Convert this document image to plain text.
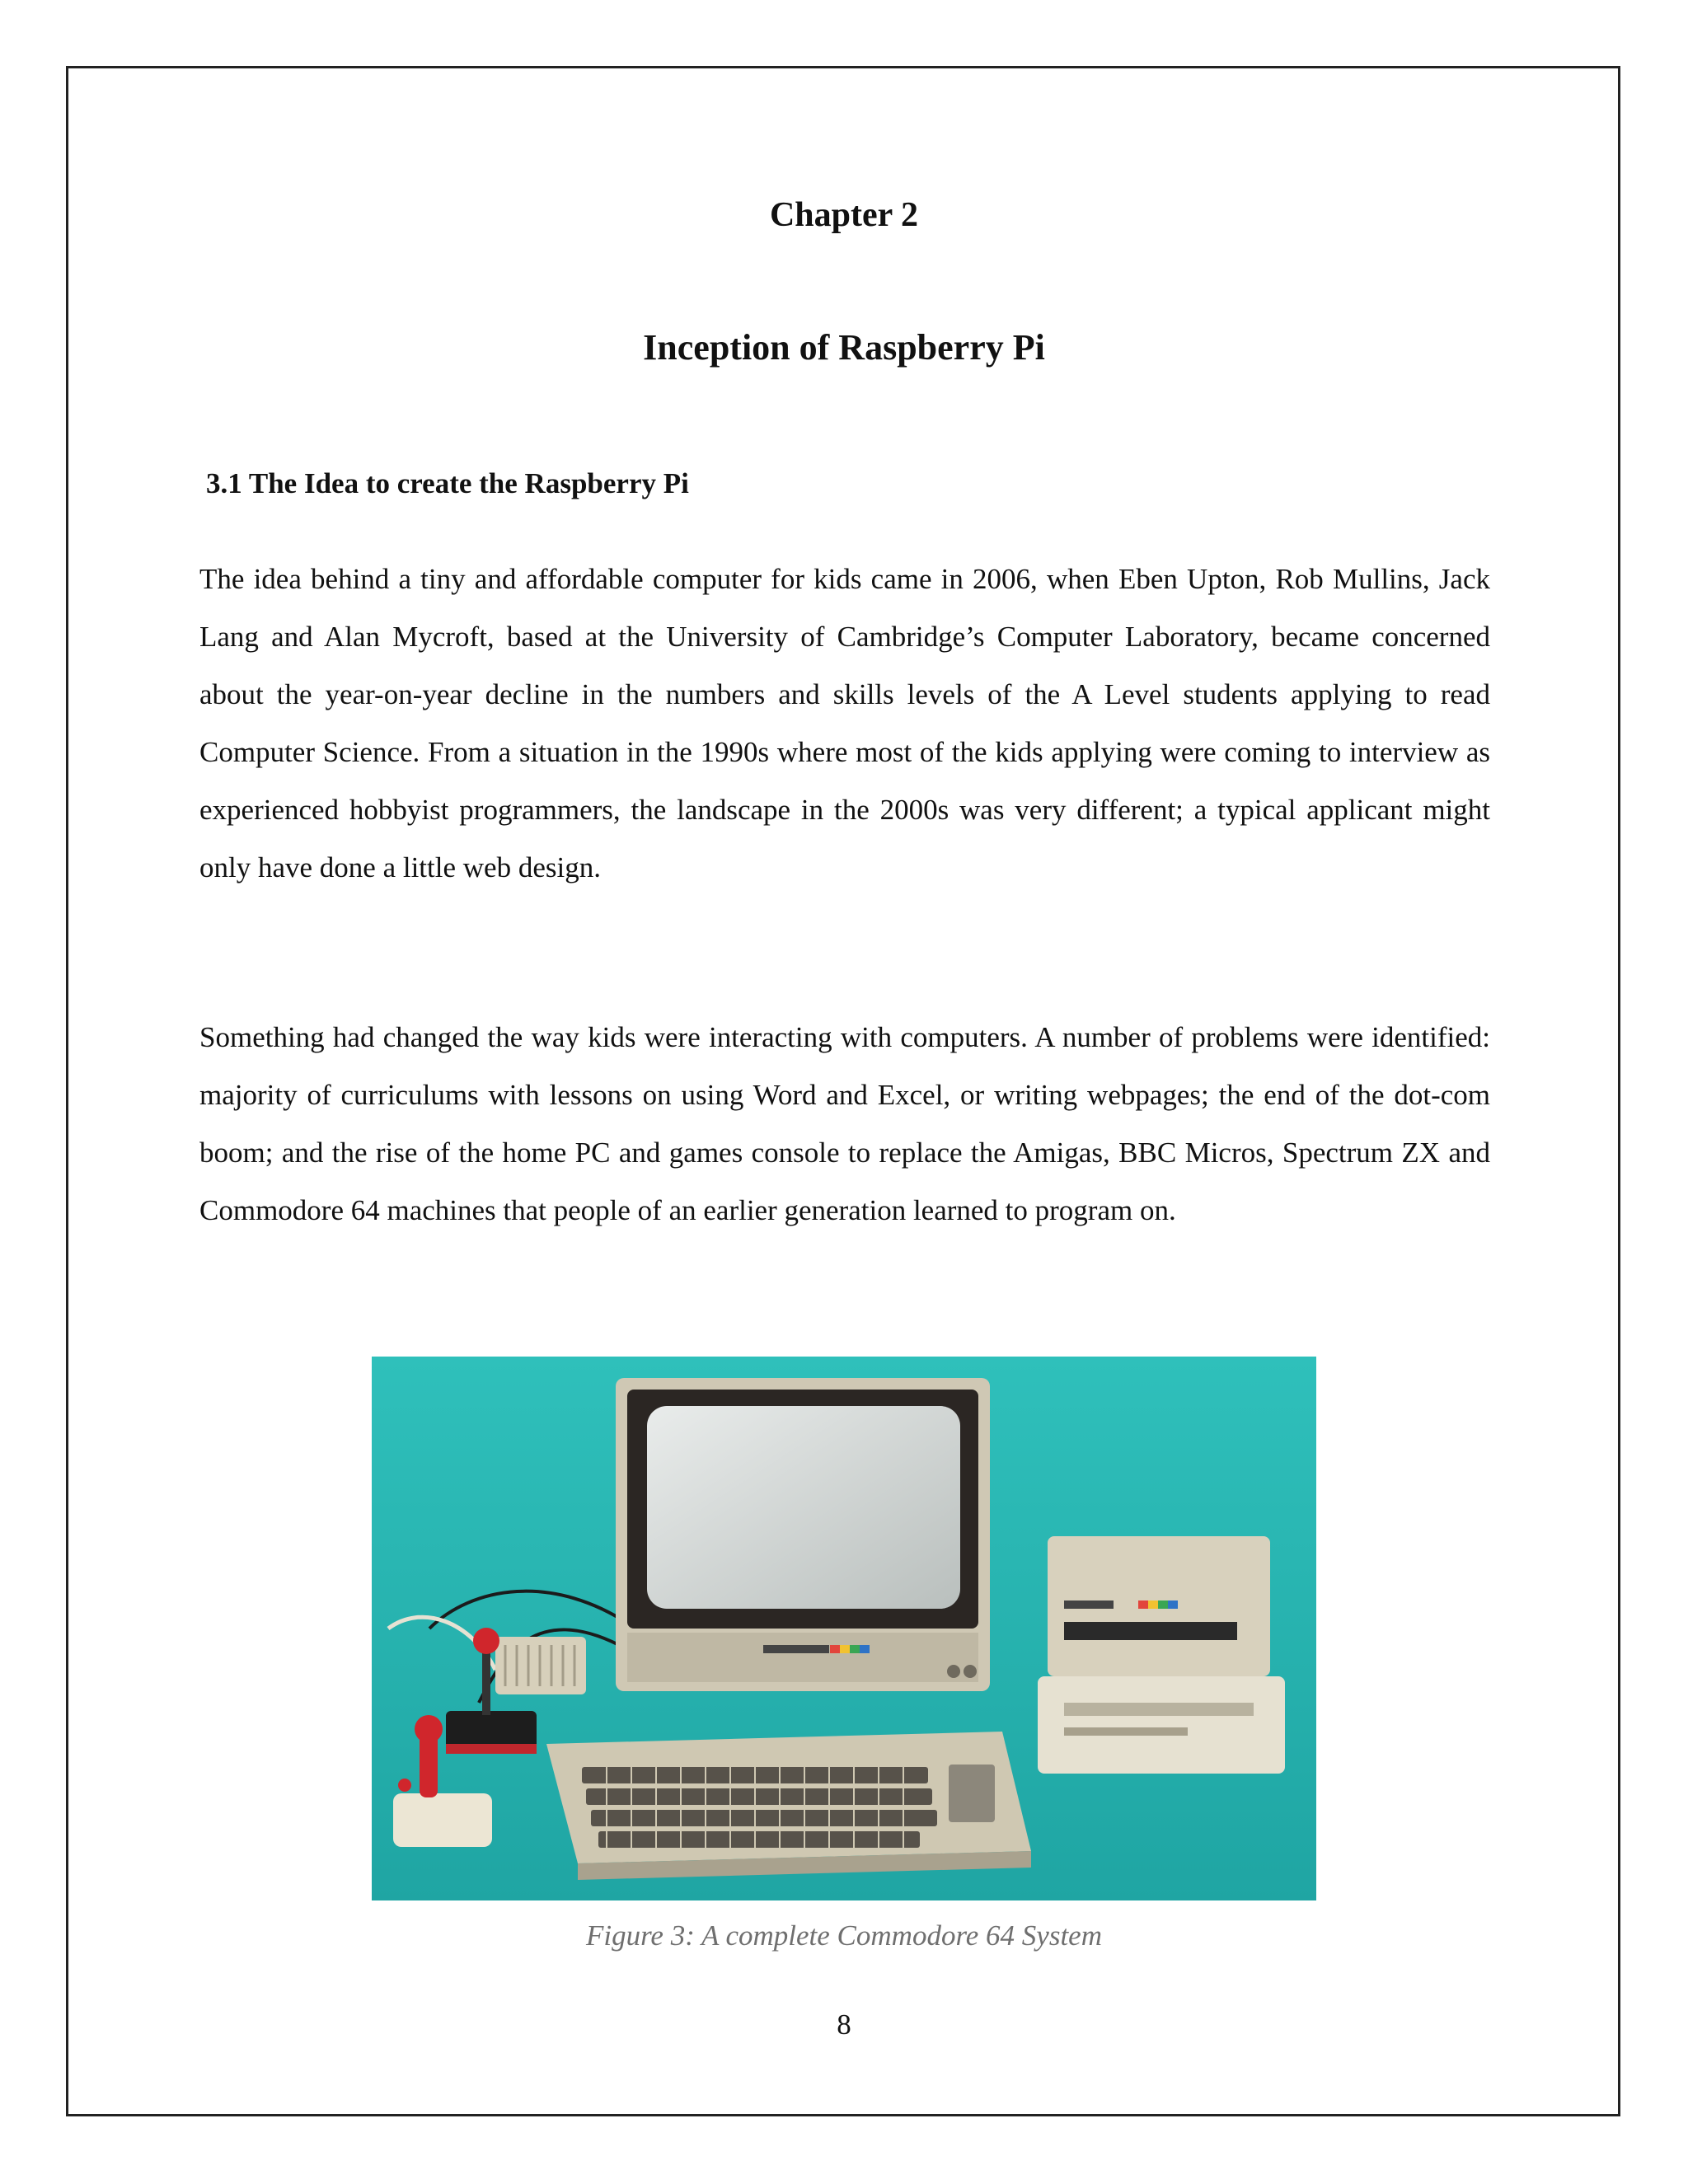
Chapter 2
Inception of Raspberry Pi
3.1 The Idea to create the Raspberry Pi

The idea behind a tiny and affordable computer for kids came in 2006, when Eben Upton, Rob Mullins, Jack Lang and Alan Mycroft, based at the University of Cambridge’s Computer Laboratory, became concerned about the year-on-year decline in the numbers and skills levels of the A Level students applying to read Computer Science. From a situation in the 1990s where most of the kids applying were coming to interview as experienced hobbyist programmers, the landscape in the 2000s was very different; a typical applicant might only have done a little web design.

Something had changed the way kids were interacting with computers. A number of problems were identified: majority of curriculums with lessons on using Word and Excel, or writing webpages; the end of the dot-com boom; and the rise of the home PC and games console to replace the Amigas, BBC Micros, Spectrum ZX and Commodore 64 machines that people of an earlier generation learned to program on.

Figure 3: A complete Commodore 64 System
8
